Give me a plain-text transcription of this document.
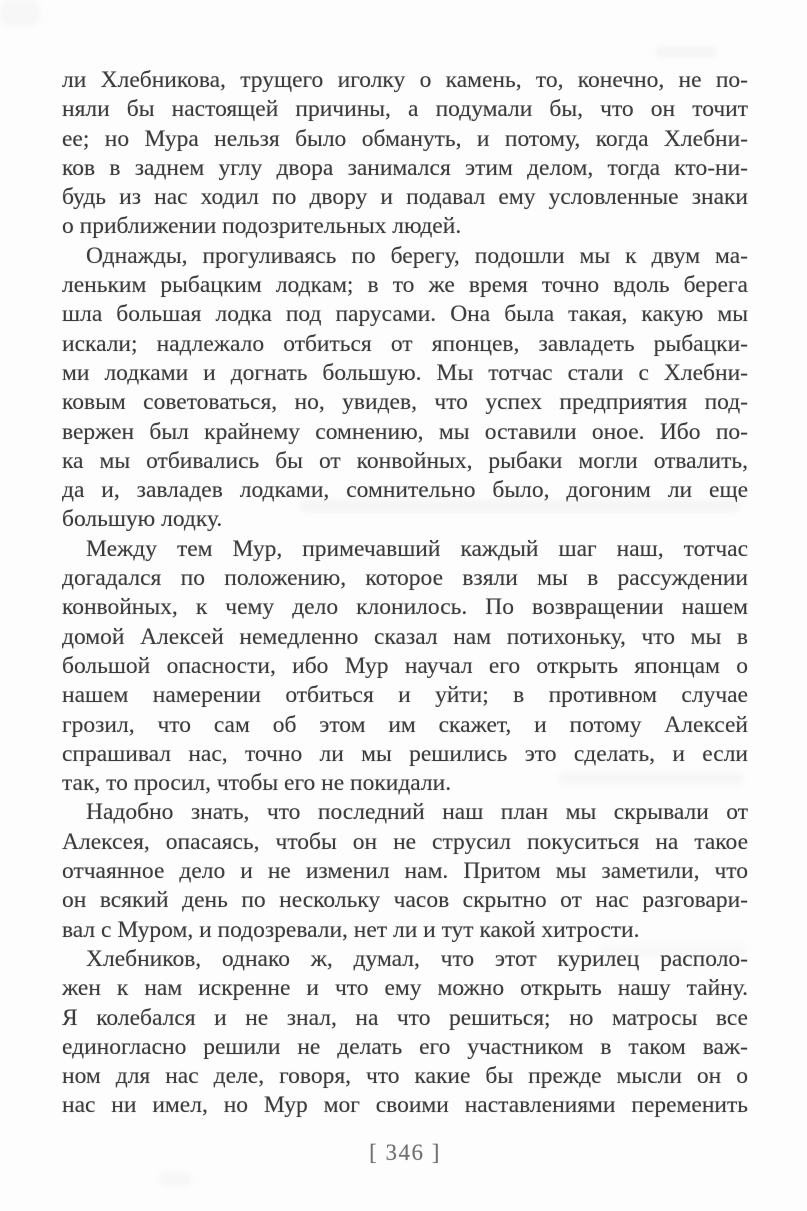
ли Хлебникова, трущего иголку о камень, то, конечно, не по-
няли бы настоящей причины, а подумали бы, что он точит
ее; но Мура нельзя было обмануть, и потому, когда Хлебни-
ков в заднем углу двора занимался этим делом, тогда кто-ни-
будь из нас ходил по двору и подавал ему условленные знаки
о приближении подозрительных людей.
Однажды, прогуливаясь по берегу, подошли мы к двум ма-
леньким рыбацким лодкам; в то же время точно вдоль берега
шла большая лодка под парусами. Она была такая, какую мы
искали; надлежало отбиться от японцев, завладеть рыбацки-
ми лодками и догнать большую. Мы тотчас стали с Хлебни-
ковым советоваться, но, увидев, что успех предприятия под-
вержен был крайнему сомнению, мы оставили оное. Ибо по-
ка мы отбивались бы от конвойных, рыбаки могли отвалить,
да и, завладев лодками, сомнительно было, догоним ли еще
большую лодку.
Между тем Мур, примечавший каждый шаг наш, тотчас
догадался по положению, которое взяли мы в рассуждении
конвойных, к чему дело клонилось. По возвращении нашем
домой Алексей немедленно сказал нам потихоньку, что мы в
большой опасности, ибо Мур научал его открыть японцам о
нашем намерении отбиться и уйти; в противном случае
грозил, что сам об этом им скажет, и потому Алексей
спрашивал нас, точно ли мы решились это сделать, и если
так, то просил, чтобы его не покидали.
Надобно знать, что последний наш план мы скрывали от
Алексея, опасаясь, чтобы он не струсил покуситься на такое
отчаянное дело и не изменил нам. Притом мы заметили, что
он всякий день по нескольку часов скрытно от нас разговари-
вал с Муром, и подозревали, нет ли и тут какой хитрости.
Хлебников, однако ж, думал, что этот курилец располо-
жен к нам искренне и что ему можно открыть нашу тайну.
Я колебался и не знал, на что решиться; но матросы все
единогласно решили не делать его участником в таком важ-
ном для нас деле, говоря, что какие бы прежде мысли он о
нас ни имел, но Мур мог своими наставлениями переменить
[ 346 ]
